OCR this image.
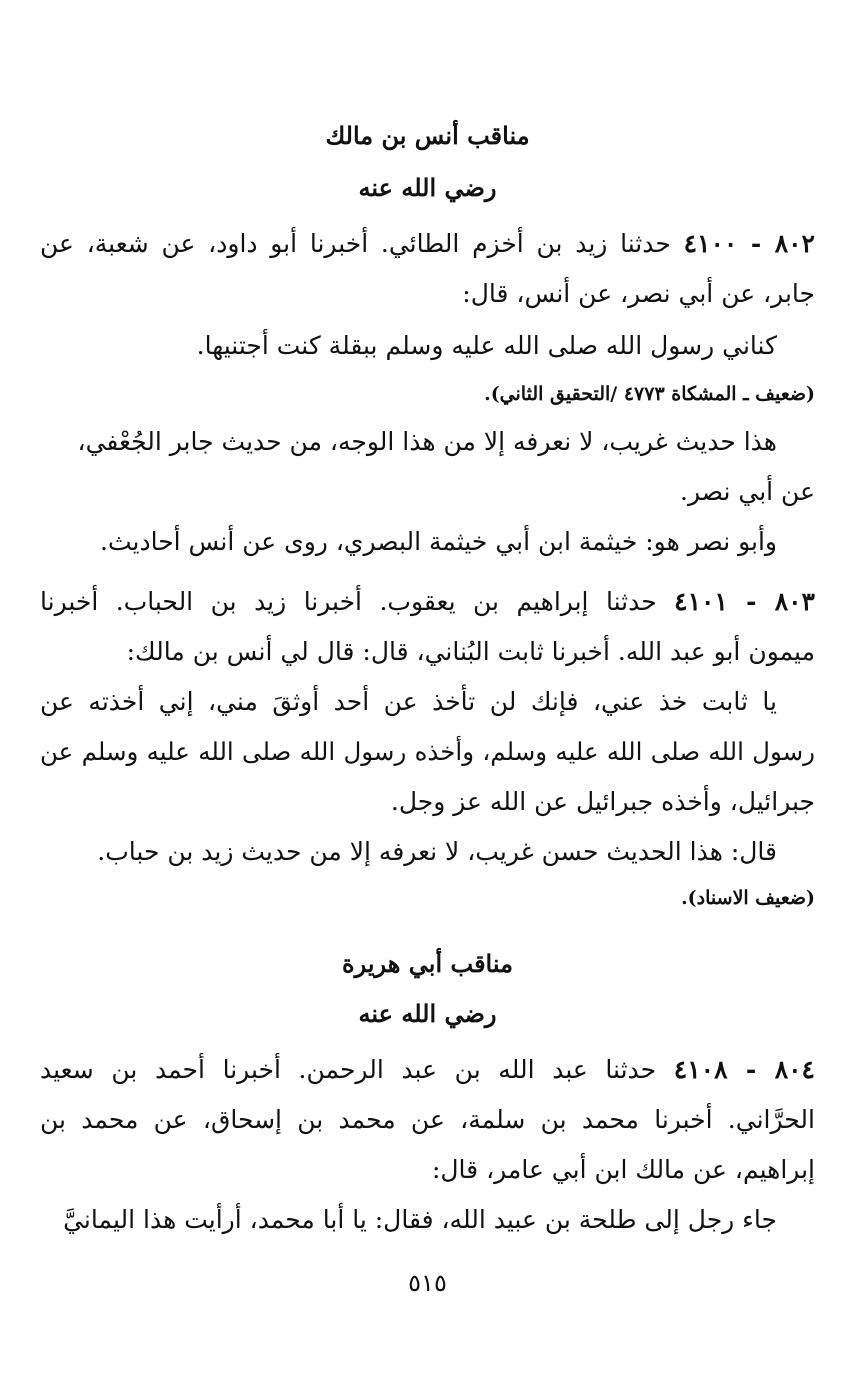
مناقب أنس بن مالك
رضي الله عنه
٨٠٢ - ٤١٠٠ حدثنا زيد بن أخزم الطائي. أخبرنا أبو داود، عن شعبة، عن
جابر، عن أبي نصر، عن أنس، قال:
كناني رسول الله صلى الله عليه وسلم ببقلة كنت أجتنيها.
(ضعيف ـ المشكاة ٤٧٧٣ /التحقيق الثاني).
هذا حديث غريب، لا نعرفه إلا من هذا الوجه، من حديث جابر الجُعْفي،
عن أبي نصر.
وأبو نصر هو: خيثمة ابن أبي خيثمة البصري، روى عن أنس أحاديث.
٨٠٣ - ٤١٠١ حدثنا إبراهيم بن يعقوب. أخبرنا زيد بن الحباب. أخبرنا
ميمون أبو عبد الله. أخبرنا ثابت البُناني، قال: قال لي أنس بن مالك:
يا ثابت خذ عني، فإنك لن تأخذ عن أحد أوثقَ مني، إني أخذته عن
رسول الله صلى الله عليه وسلم، وأخذه رسول الله صلى الله عليه وسلم عن
جبرائيل، وأخذه جبرائيل عن الله عز وجل.
قال: هذا الحديث حسن غريب، لا نعرفه إلا من حديث زيد بن حباب.
(ضعيف الاسناد).
مناقب أبي هريرة
رضي الله عنه
٨٠٤ - ٤١٠٨ حدثنا عبد الله بن عبد الرحمن. أخبرنا أحمد بن سعيد
الحرَّاني. أخبرنا محمد بن سلمة، عن محمد بن إسحاق، عن محمد بن
إبراهيم، عن مالك ابن أبي عامر، قال:
جاء رجل إلى طلحة بن عبيد الله، فقال: يا أبا محمد، أرأيت هذا اليمانيَّ
٥١٥
